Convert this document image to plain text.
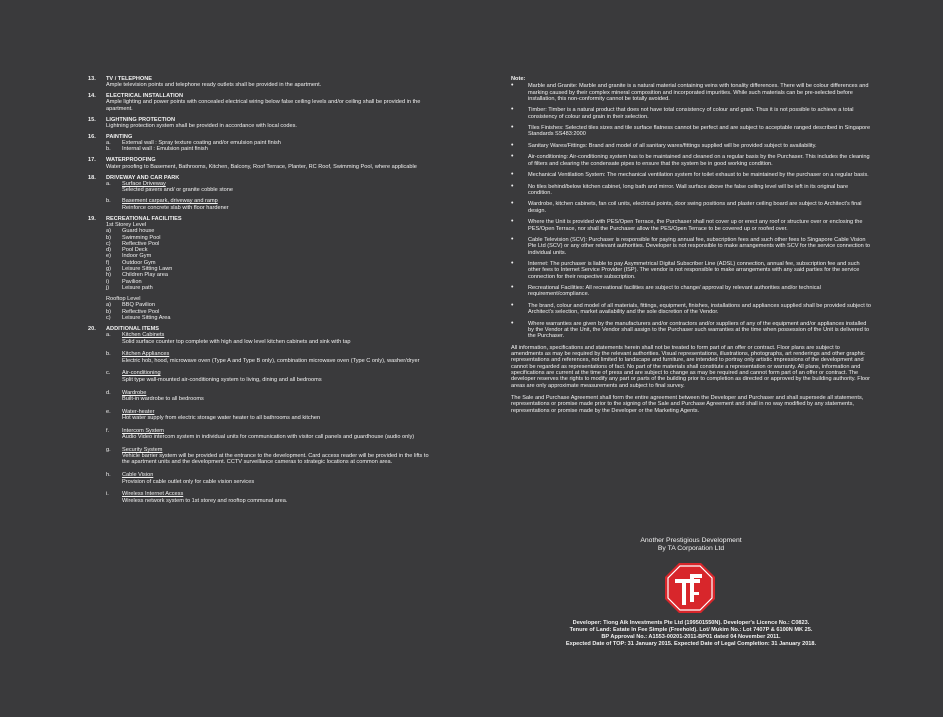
13.	TV / TELEPHONE
Ample television points and telephone ready outlets shall be provided in the apartment.
14.	ELECTRICAL INSTALLATION
Ample lighting and power points with concealed electrical wiring below false ceiling levels and/or ceiling shall be provided in the apartment.
15.	LIGHTNING PROTECTION
Lightning protection system shall be provided in accordance with local codes.
16.	PAINTING
a.	External wall : Spray texture coating and/or emulsion paint finish
b.	Internal wall : Emulsion paint finish
17.	WATERPROOFING
Water proofing to Basement, Bathrooms, Kitchen, Balcony, Roof Terrace, Planter, RC Roof, Swimming Pool, where applicable
18.	DRIVEWAY AND CAR PARK
a.	Surface Driveway
Selected pavers and/ or granite cobble stone
b.	Basement carpark, driveway and ramp
Reinforce concrete slab with floor hardener
19.	RECREATIONAL FACILITIES
1st Storey Level
a)	Guard house
b)	Swimming Pool
c)	Reflective Pool
d)	Pool Deck
e)	Indoor Gym
f)	Outdoor Gym
g)	Leisure Sitting Lawn
h)	Children Play area
i)	Pavilion
j)	Leisure path
Rooftop Level
a)	BBQ Pavilion
b)	Reflective Pool
c)	Leisure Sitting Area
20.	ADDITIONAL ITEMS
a.	Kitchen Cabinets
Solid surface counter top complete with high and low level kitchen cabinets and sink with tap
b.	Kitchen Appliances
Electric hob, hood, microwave oven (Type A and Type B only), combination microwave oven (Type C only), washer/dryer
c.	Air-conditioning
Split type wall-mounted air-conditioning system to living, dining and all bedrooms
d.	Wardrobe
Built-in wardrobe to all bedrooms
e.	Water-heater
Hot water supply from electric storage water heater to all bathrooms and kitchen
f.	Intercom System
Audio Video intercom system in individual units for communication with visitor call panels and guardhouse (audio only)
g.	Security System
Vehicle barrier system will be provided at the entrance to the development. Card access reader will be provided in the lifts to the apartment units and the development. CCTV surveillance cameras to strategic locations at common area.
h.	Cable Vision
Provision of cable outlet only for cable vision services
i.	Wireless Internet Access
Wireless network system to 1st storey and rooftop communal area.
Note:
•	Marble and Granite: Marble and granite is a natural material containing veins with tonality differences. There will be colour differences and marking caused by their complex mineral composition and incorporated impurities. While such materials can be pre-selected before installation, this non-conformity cannot be totally avoided.
•	Timber: Timber is a natural product that does not have total consistency of colour and grain. Thus it is not possible to achieve a total consistency of colour and grain in their selection.
•	Tiles Finishes: Selected tiles sizes and tile surface flatness cannot be perfect and are subject to acceptable ranged described in Singapore Standards SS483:2000
•	Sanitary Wares/Fittings: Brand and model of all sanitary wares/fittings supplied will be provided subject to availability.
•	Air-conditioning: Air-conditioning system has to be maintained and cleaned on a regular basis by the Purchaser. This includes the cleaning of filters and clearing the condensate pipes to ensure that the system be in good working condition.
•	Mechanical Ventilation System: The mechanical ventilation system for toilet exhaust to be maintained by the purchaser on a regular basis.
•	No tiles behind/below kitchen cabinet, long bath and mirror. Wall surface above the false ceiling level will be left in its original bare condition.
•	Wardrobe, kitchen cabinets, fan coil units, electrical points, door swing positions and plaster ceiling board are subject to Architect's final design.
•	Where the Unit is provided with PES/Open Terrace, the Purchaser shall not cover up or erect any roof or structure over or enclosing the PES/Open Terrace, nor shall the Purchaser allow the PES/Open Terrace to be covered up or roofed over.
•	Cable Television (SCV): Purchaser is responsible for paying annual fee, subscription fees and such other fees to Singapore Cable Vision Pte Ltd (SCV) or any other relevant authorities. Developer is not responsible to make arrangements with SCV for the service connection to individual units.
•	Internet: The purchaser is liable to pay Asymmetrical Digital Subscriber Line (ADSL) connection, annual fee, subscription fee and such other fees to Internet Service Provider (ISP). The vendor is not responsible to make arrangements with any said parties for the service connection for their respective subscription.
•	Recreational Facilities: All recreational facilities are subject to change/ approval by relevant authorities and/or technical requirement/compliance.
•	The brand, colour and model of all materials, fittings, equipment, finishes, installations and appliances supplied shall be provided subject to Architect's selection, market availability and the sole discretion of the Vendor.
•	Where warranties are given by the manufacturers and/or contractors and/or suppliers of any of the equipment and/or appliances installed by the Vendor at the Unit, the Vendor shall assign to the Purchaser such warranties at the time when possession of the Unit is delivered to the Purchaser.
All information, specifications and statements herein shall not be treated to form part of an offer or contract. Floor plans are subject to amendments as may be required by the relevant authorities. Visual representations, illustrations, photographs, art renderings and other graphic representations and references, not limited to landscape and furniture, are intended to portray only artistic impressions of the development and cannot be regarded as representations of fact. No part of the materials shall constitute a representation or warranty. All plans, information and specifications are current at the time of press and are subject to change as may be required and cannot form part of an offer or contract. The developer reserves the rights to modify any part or parts of the building prior to completion as directed or approved by the building authority. Floor areas are only approximate measurements and subject to final survey.
The Sale and Purchase Agreement shall form the entire agreement between the Developer and Purchaser and shall supersede all statements, representations or promise made prior to the signing of the Sale and Purchase Agreement and shall in no way modified by any statements, representations or promise made by the Developer or the Marketing Agents.
Another Prestigious Development
By TA Corporation Ltd
Developer: Tiong Aik Investments Pte Ltd (199501550N). Developer's Licence No.: C0823.
Tenure of Land: Estate In Fee Simple (Freehold). Lot/ Mukim No.: Lot 7407P & 6100N MK 25.
BP Approval No.: A1553-00201-2011-BP01 dated 04 November 2011.
Expected Date of TOP: 31 January 2015. Expected Date of Legal Completion: 31 January 2018.
